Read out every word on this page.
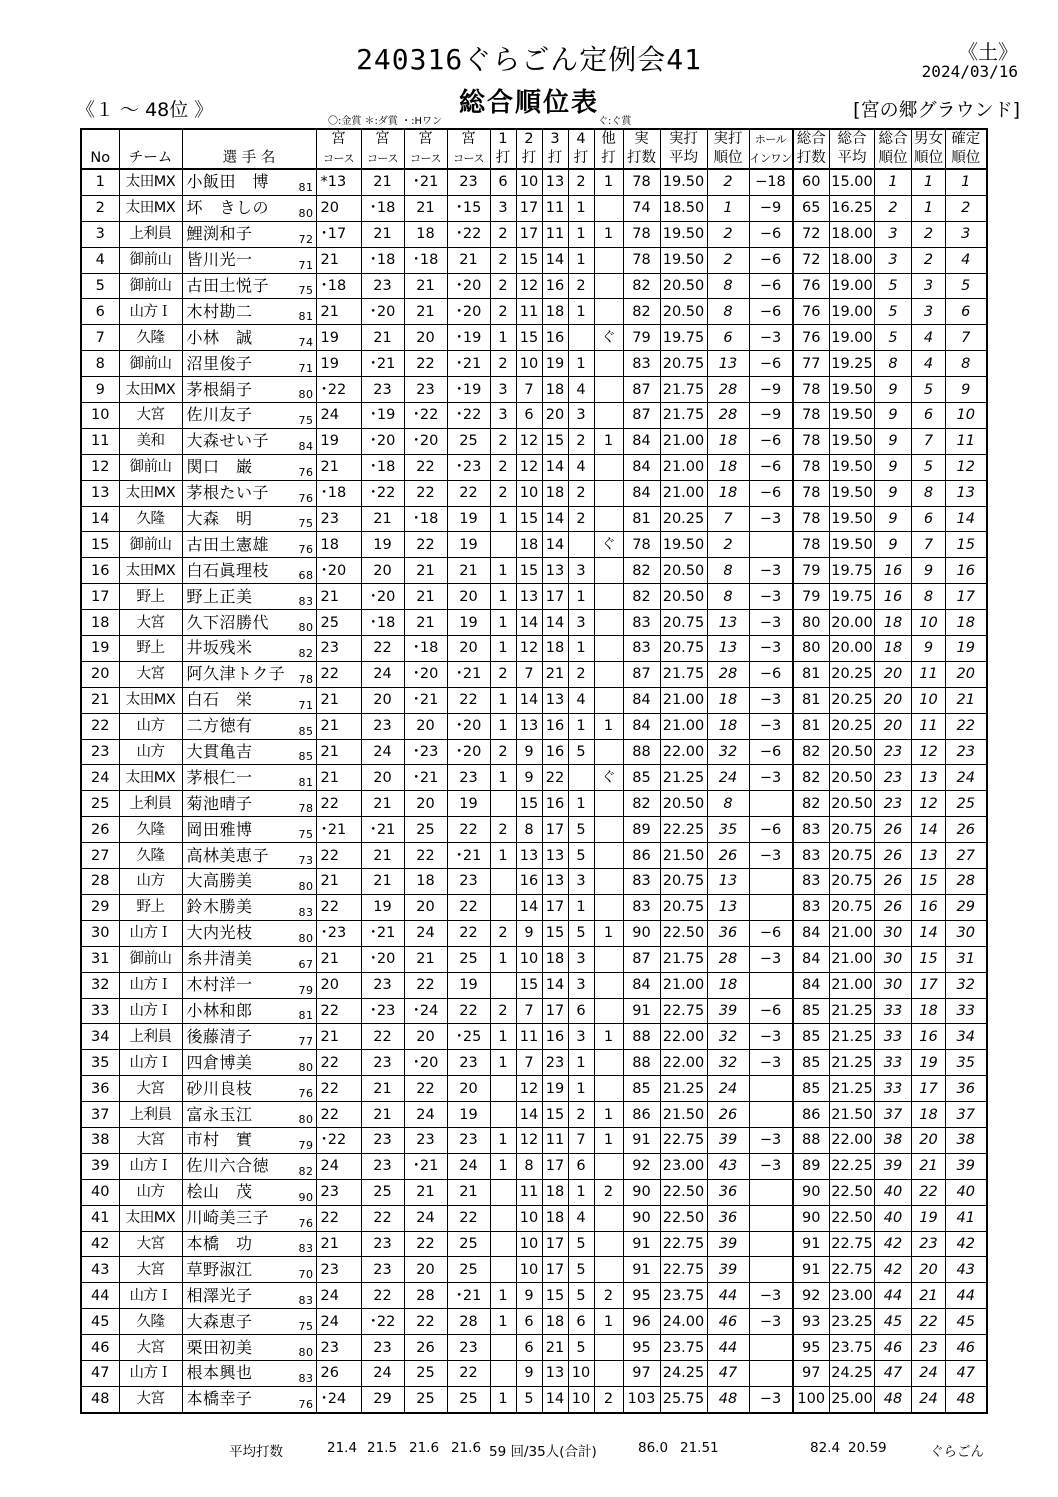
240316ぐらごん定例会41	《土》
2024/03/16
《１ ～ 48位 》	総合順位表	[宮の郷グラウンド]
〇:金賞 ＊:ダ賞 ・:Hワン	ぐ:ぐ賞
			宮	宮	宮	宮	1	2	3	4	他	実	実打	実打	ホール	総合	総合	総合	男女	確定
No	チーム	選 手 名	コース	コース	コース	コース	打	打	打	打	打	打数	平均	順位	インワン	打数	平均	順位	順位	順位
1	太田MX	小飯田　博 81	*13	21	･21	23	6	10	13	2	1	78	19.50	2	−18	60	15.00	1	1	1
2	太田MX	坏　きしの 80	20	･18	21	･15	3	17	11	1		74	18.50	1	−9	65	16.25	2	1	2
3	上利員	鯉渕和子 72	･17	21	18	･22	2	17	11	1	1	78	19.50	2	−6	72	18.00	3	2	3
4	御前山	皆川光一 71	21	･18	･18	21	2	15	14	1		78	19.50	2	−6	72	18.00	3	2	4
5	御前山	古田土悦子 75	･18	23	21	･20	2	12	16	2		82	20.50	8	−6	76	19.00	5	3	5
6	山方Ｉ	木村勘二 81	21	･20	21	･20	2	11	18	1		82	20.50	8	−6	76	19.00	5	3	6
7	久隆	小林　誠 74	19	21	20	･19	1	15	16		ぐ	79	19.75	6	−3	76	19.00	5	4	7
8	御前山	沼里俊子 71	19	･21	22	･21	2	10	19	1		83	20.75	13	−6	77	19.25	8	4	8
9	太田MX	茅根絹子 80	･22	23	23	･19	3	7	18	4		87	21.75	28	−9	78	19.50	9	5	9
10	大宮	佐川友子 75	24	･19	･22	･22	3	6	20	3		87	21.75	28	−9	78	19.50	9	6	10
11	美和	大森せい子 84	19	･20	･20	25	2	12	15	2	1	84	21.00	18	−6	78	19.50	9	7	11
12	御前山	関口　巌 76	21	･18	22	･23	2	12	14	4		84	21.00	18	−6	78	19.50	9	5	12
13	太田MX	茅根たい子 76	･18	･22	22	22	2	10	18	2		84	21.00	18	−6	78	19.50	9	8	13
14	久隆	大森　明 75	23	21	･18	19	1	15	14	2		81	20.25	7	−3	78	19.50	9	6	14
15	御前山	古田土憲雄 76	18	19	22	19		18	14		ぐ	78	19.50	2		78	19.50	9	7	15
16	太田MX	白石眞理枝 68	･20	20	21	21	1	15	13	3		82	20.50	8	−3	79	19.75	16	9	16
17	野上	野上正美 83	21	･20	21	20	1	13	17	1		82	20.50	8	−3	79	19.75	16	8	17
18	大宮	久下沼勝代 80	25	･18	21	19	1	14	14	3		83	20.75	13	−3	80	20.00	18	10	18
19	野上	井坂残米 82	23	22	･18	20	1	12	18	1		83	20.75	13	−3	80	20.00	18	9	19
20	大宮	阿久津トク子 78	22	24	･20	･21	2	7	21	2		87	21.75	28	−6	81	20.25	20	11	20
21	太田MX	白石　栄 71	21	20	･21	22	1	14	13	4		84	21.00	18	−3	81	20.25	20	10	21
22	山方	二方徳有 85	21	23	20	･20	1	13	16	1	1	84	21.00	18	−3	81	20.25	20	11	22
23	山方	大貫亀吉 85	21	24	･23	･20	2	9	16	5		88	22.00	32	−6	82	20.50	23	12	23
24	太田MX	茅根仁一 81	21	20	･21	23	1	9	22		ぐ	85	21.25	24	−3	82	20.50	23	13	24
25	上利員	菊池晴子 78	22	21	20	19		15	16	1		82	20.50	8		82	20.50	23	12	25
26	久隆	岡田雅博 75	･21	･21	25	22	2	8	17	5		89	22.25	35	−6	83	20.75	26	14	26
27	久隆	高林美恵子 73	22	21	22	･21	1	13	13	5		86	21.50	26	−3	83	20.75	26	13	27
28	山方	大高勝美 80	21	21	18	23		16	13	3		83	20.75	13		83	20.75	26	15	28
29	野上	鈴木勝美 83	22	19	20	22		14	17	1		83	20.75	13		83	20.75	26	16	29
30	山方Ｉ	大内光枝 80	･23	･21	24	22	2	9	15	5	1	90	22.50	36	−6	84	21.00	30	14	30
31	御前山	糸井清美 67	21	･20	21	25	1	10	18	3		87	21.75	28	−3	84	21.00	30	15	31
32	山方Ｉ	木村洋一 79	20	23	22	19		15	14	3		84	21.00	18		84	21.00	30	17	32
33	山方Ｉ	小林和郎 81	22	･23	･24	22	2	7	17	6		91	22.75	39	−6	85	21.25	33	18	33
34	上利員	後藤清子 77	21	22	20	･25	1	11	16	3	1	88	22.00	32	−3	85	21.25	33	16	34
35	山方Ｉ	四倉博美 80	22	23	･20	23	1	7	23	1		88	22.00	32	−3	85	21.25	33	19	35
36	大宮	砂川良枝 76	22	21	22	20		12	19	1		85	21.25	24		85	21.25	33	17	36
37	上利員	富永玉江 80	22	21	24	19		14	15	2	1	86	21.50	26		86	21.50	37	18	37
38	大宮	市村　實 79	･22	23	23	23	1	12	11	7	1	91	22.75	39	−3	88	22.00	38	20	38
39	山方Ｉ	佐川六合徳 82	24	23	･21	24	1	8	17	6		92	23.00	43	−3	89	22.25	39	21	39
40	山方	桧山　茂 90	23	25	21	21		11	18	1	2	90	22.50	36		90	22.50	40	22	40
41	太田MX	川崎美三子 76	22	22	24	22		10	18	4		90	22.50	36		90	22.50	40	19	41
42	大宮	本橋　功 83	21	23	22	25		10	17	5		91	22.75	39		91	22.75	42	23	42
43	大宮	草野淑江 70	23	23	20	25		10	17	5		91	22.75	39		91	22.75	42	20	43
44	山方Ｉ	相澤光子 83	24	22	28	･21	1	9	15	5	2	95	23.75	44	−3	92	23.00	44	21	44
45	久隆	大森恵子 75	24	･22	22	28	1	6	18	6	1	96	24.00	46	−3	93	23.25	45	22	45
46	大宮	栗田初美 80	23	23	26	23		6	21	5		95	23.75	44		95	23.75	46	23	46
47	山方Ｉ	根本興也 83	26	24	25	22		9	13	10		97	24.25	47		97	24.25	47	24	47
48	大宮	本橋幸子 76	･24	29	25	25	1	5	14	10	2	103	25.75	48	−3	100	25.00	48	24	48
平均打数	21.4 21.5 21.6 21.6 59 回/35人(合計)	86.0 21.51	82.4 20.59	ぐらごん
